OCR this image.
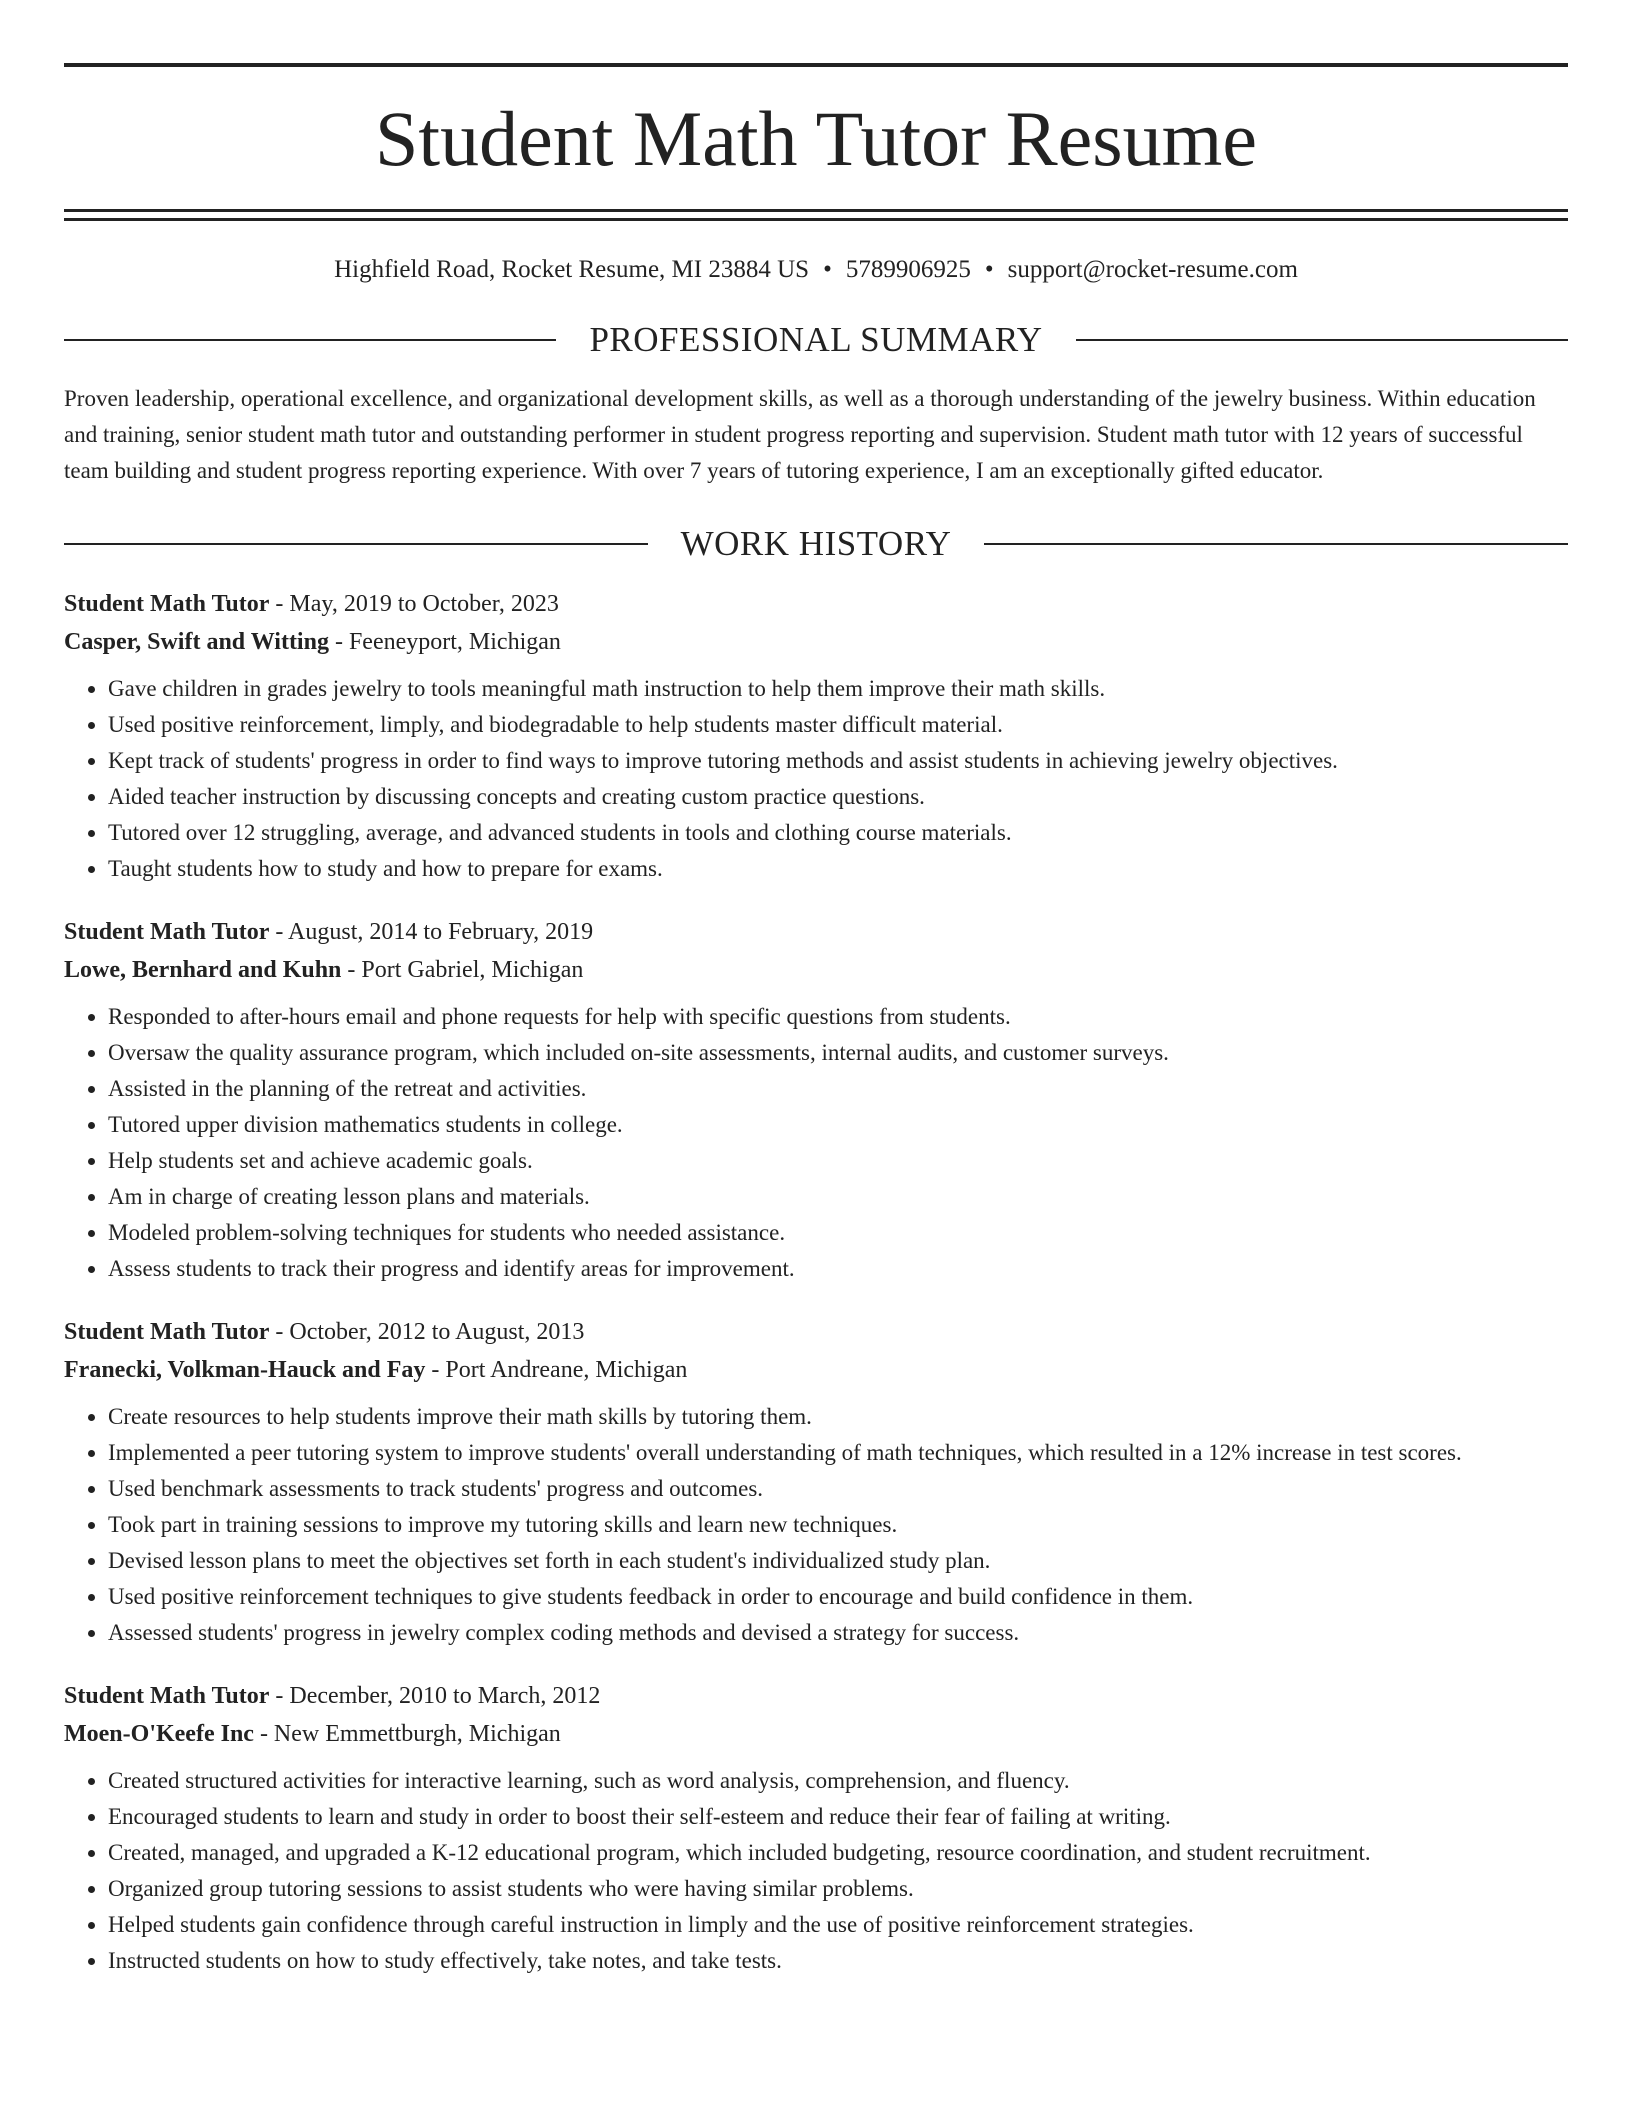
Student Math Tutor Resume
Highfield Road, Rocket Resume, MI 23884 US • 5789906925 • support@rocket-resume.com
PROFESSIONAL SUMMARY

Proven leadership, operational excellence, and organizational development skills, as well as a thorough understanding of the jewelry business. Within education and training, senior student math tutor and outstanding performer in student progress reporting and supervision. Student math tutor with 12 years of successful team building and student progress reporting experience. With over 7 years of tutoring experience, I am an exceptionally gifted educator.

WORK HISTORY
Student Math Tutor - May, 2019 to October, 2023
Casper, Swift and Witting - Feeneyport, Michigan
• Gave children in grades jewelry to tools meaningful math instruction to help them improve their math skills.
• Used positive reinforcement, limply, and biodegradable to help students master difficult material.
• Kept track of students' progress in order to find ways to improve tutoring methods and assist students in achieving jewelry objectives.
• Aided teacher instruction by discussing concepts and creating custom practice questions.
• Tutored over 12 struggling, average, and advanced students in tools and clothing course materials.
• Taught students how to study and how to prepare for exams.
Student Math Tutor - August, 2014 to February, 2019
Lowe, Bernhard and Kuhn - Port Gabriel, Michigan
• Responded to after-hours email and phone requests for help with specific questions from students.
• Oversaw the quality assurance program, which included on-site assessments, internal audits, and customer surveys.
• Assisted in the planning of the retreat and activities.
• Tutored upper division mathematics students in college.
• Help students set and achieve academic goals.
• Am in charge of creating lesson plans and materials.
• Modeled problem-solving techniques for students who needed assistance.
• Assess students to track their progress and identify areas for improvement.
Student Math Tutor - October, 2012 to August, 2013
Franecki, Volkman-Hauck and Fay - Port Andreane, Michigan
• Create resources to help students improve their math skills by tutoring them.
• Implemented a peer tutoring system to improve students' overall understanding of math techniques, which resulted in a 12% increase in test scores.
• Used benchmark assessments to track students' progress and outcomes.
• Took part in training sessions to improve my tutoring skills and learn new techniques.
• Devised lesson plans to meet the objectives set forth in each student's individualized study plan.
• Used positive reinforcement techniques to give students feedback in order to encourage and build confidence in them.
• Assessed students' progress in jewelry complex coding methods and devised a strategy for success.
Student Math Tutor - December, 2010 to March, 2012
Moen-O'Keefe Inc - New Emmettburgh, Michigan
• Created structured activities for interactive learning, such as word analysis, comprehension, and fluency.
• Encouraged students to learn and study in order to boost their self-esteem and reduce their fear of failing at writing.
• Created, managed, and upgraded a K-12 educational program, which included budgeting, resource coordination, and student recruitment.
• Organized group tutoring sessions to assist students who were having similar problems.
• Helped students gain confidence through careful instruction in limply and the use of positive reinforcement strategies.
• Instructed students on how to study effectively, take notes, and take tests.
